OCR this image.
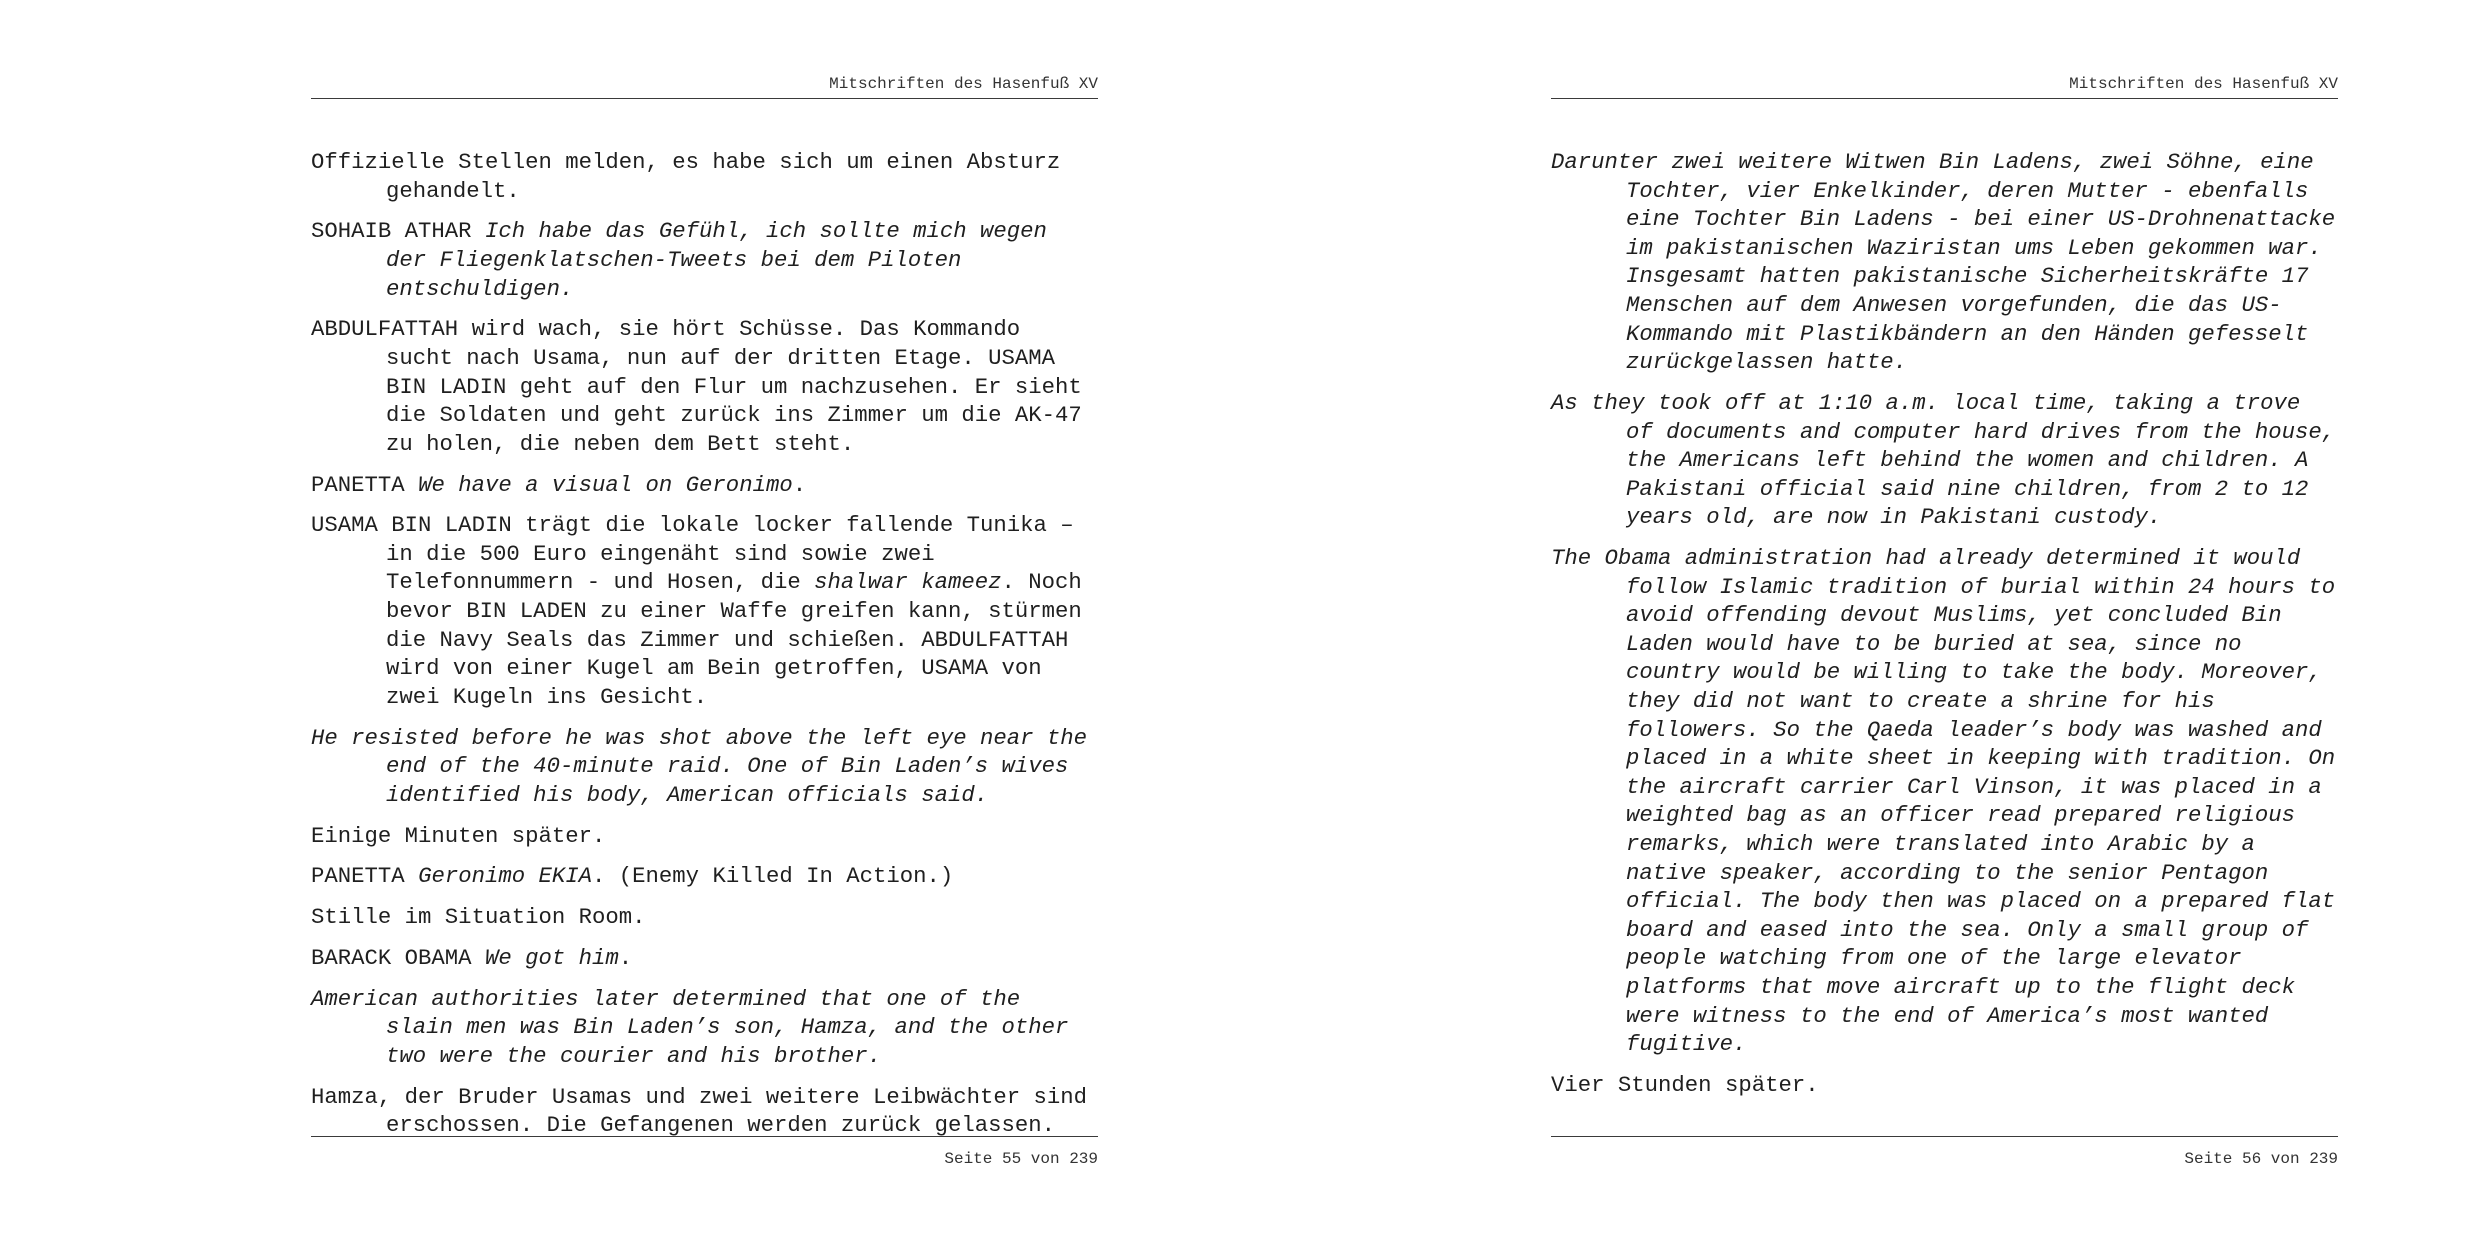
Mitschriften des Hasenfuß XV

Offizielle Stellen melden, es habe sich um einen Absturz gehandelt.

SOHAIB ATHAR Ich habe das Gefühl, ich sollte mich wegen der Fliegenklatschen-Tweets bei dem Piloten entschuldigen.

ABDULFATTAH wird wach, sie hört Schüsse. Das Kommando sucht nach Usama, nun auf der dritten Etage. USAMA BIN LADIN geht auf den Flur um nachzusehen. Er sieht die Soldaten und geht zurück ins Zimmer um die AK-47 zu holen, die neben dem Bett steht.

PANETTA We have a visual on Geronimo.

USAMA BIN LADIN trägt die lokale locker fallende Tunika – in die 500 Euro eingenäht sind sowie zwei Telefonnummern - und Hosen, die shalwar kameez. Noch bevor BIN LADEN zu einer Waffe greifen kann, stürmen die Navy Seals das Zimmer und schießen. ABDULFATTAH wird von einer Kugel am Bein getroffen, USAMA von zwei Kugeln ins Gesicht.

He resisted before he was shot above the left eye near the end of the 40-minute raid. One of Bin Laden’s wives identified his body, American officials said.

Einige Minuten später.

PANETTA Geronimo EKIA. (Enemy Killed In Action.)

Stille im Situation Room.

BARACK OBAMA We got him.

American authorities later determined that one of the slain men was Bin Laden’s son, Hamza, and the other two were the courier and his brother.

Hamza, der Bruder Usamas und zwei weitere Leibwächter sind erschossen. Die Gefangenen werden zurück gelassen.

Seite 55 von 239
Mitschriften des Hasenfuß XV

Darunter zwei weitere Witwen Bin Ladens, zwei Söhne, eine Tochter, vier Enkelkinder, deren Mutter - ebenfalls eine Tochter Bin Ladens - bei einer US-Drohnenattacke im pakistanischen Waziristan ums Leben gekommen war. Insgesamt hatten pakistanische Sicherheitskräfte 17 Menschen auf dem Anwesen vorgefunden, die das US-Kommando mit Plastikbändern an den Händen gefesselt zurückgelassen hatte.

As they took off at 1:10 a.m. local time, taking a trove of documents and computer hard drives from the house, the Americans left behind the women and children. A Pakistani official said nine children, from 2 to 12 years old, are now in Pakistani custody.

The Obama administration had already determined it would follow Islamic tradition of burial within 24 hours to avoid offending devout Muslims, yet concluded Bin Laden would have to be buried at sea, since no country would be willing to take the body. Moreover, they did not want to create a shrine for his followers. So the Qaeda leader’s body was washed and placed in a white sheet in keeping with tradition. On the aircraft carrier Carl Vinson, it was placed in a weighted bag as an officer read prepared religious remarks, which were translated into Arabic by a native speaker, according to the senior Pentagon official. The body then was placed on a prepared flat board and eased into the sea. Only a small group of people watching from one of the large elevator platforms that move aircraft up to the flight deck were witness to the end of America’s most wanted fugitive.

Vier Stunden später.

Seite 56 von 239
